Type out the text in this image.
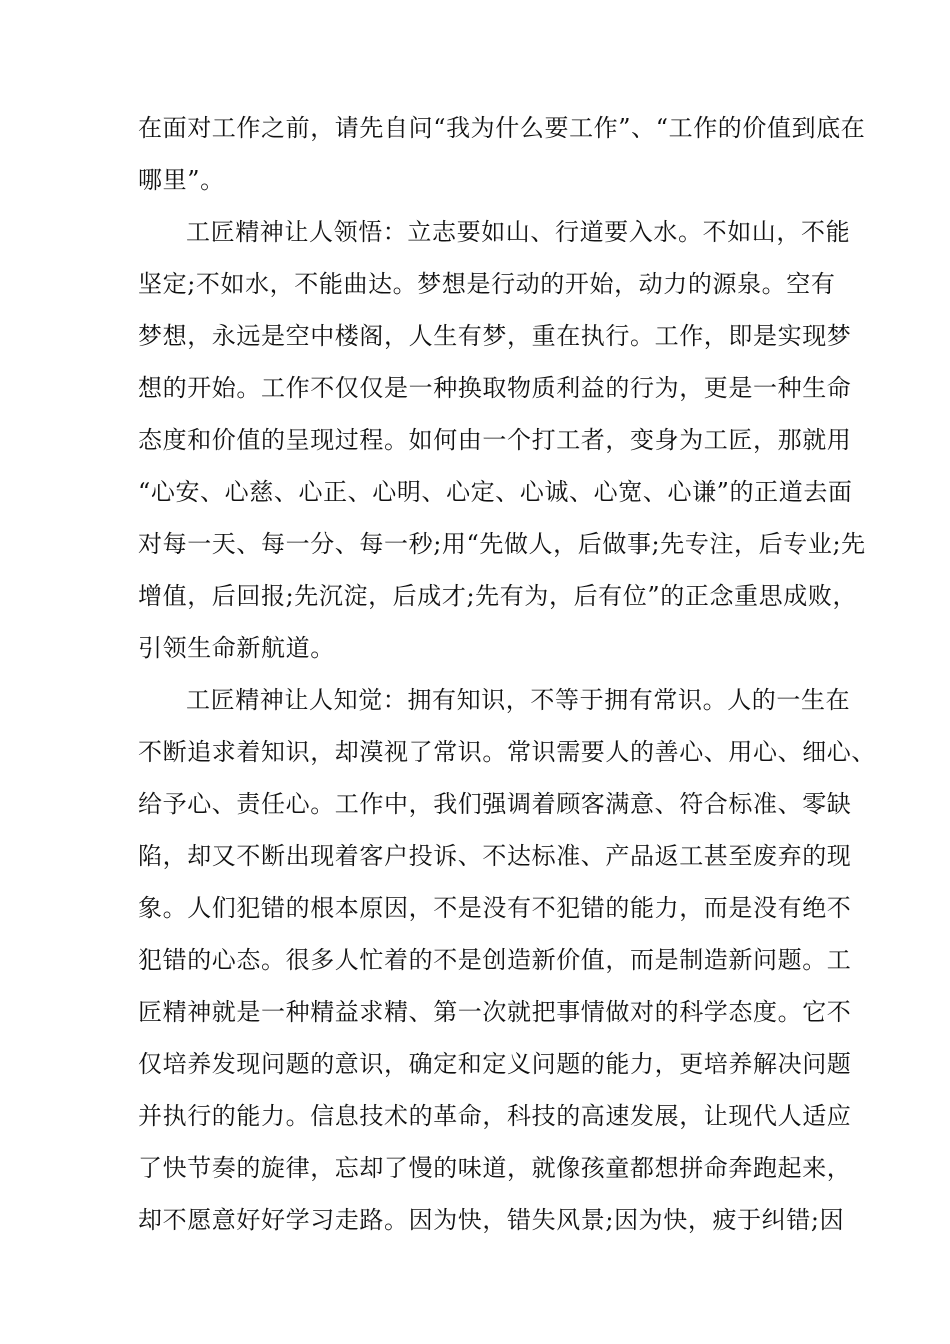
在面对工作之前，请先自问“我为什么要工作”、“工作的价值到底在
哪里”。
工匠精神让人领悟：立志要如山、行道要入水。不如山，不能
坚定;不如水，不能曲达。梦想是行动的开始，动力的源泉。空有
梦想，永远是空中楼阁，人生有梦，重在执行。工作，即是实现梦
想的开始。工作不仅仅是一种换取物质利益的行为，更是一种生命
态度和价值的呈现过程。如何由一个打工者，变身为工匠，那就用
“心安、心慈、心正、心明、心定、心诚、心宽、心谦”的正道去面
对每一天、每一分、每一秒;用“先做人，后做事;先专注，后专业;先
增值，后回报;先沉淀，后成才;先有为，后有位”的正念重思成败，
引领生命新航道。
工匠精神让人知觉：拥有知识，不等于拥有常识。人的一生在
不断追求着知识，却漠视了常识。常识需要人的善心、用心、细心、
给予心、责任心。工作中，我们强调着顾客满意、符合标准、零缺
陷，却又不断出现着客户投诉、不达标准、产品返工甚至废弃的现
象。人们犯错的根本原因，不是没有不犯错的能力，而是没有绝不
犯错的心态。很多人忙着的不是创造新价值，而是制造新问题。工
匠精神就是一种精益求精、第一次就把事情做对的科学态度。它不
仅培养发现问题的意识，确定和定义问题的能力，更培养解决问题
并执行的能力。信息技术的革命，科技的高速发展，让现代人适应
了快节奏的旋律，忘却了慢的味道，就像孩童都想拼命奔跑起来，
却不愿意好好学习走路。因为快，错失风景;因为快，疲于纠错;因
